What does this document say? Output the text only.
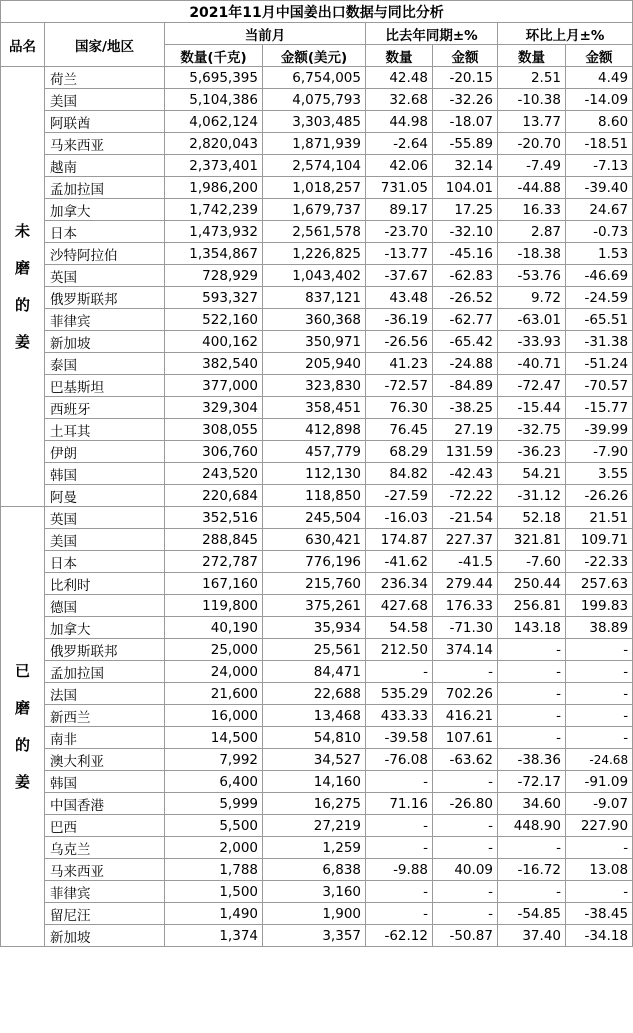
2021年11月中国姜出口数据与同比分析							
品名	国家/地区	当前月		比去年同期±%		环比上月±%	
		数量(千克)	金额(美元)	数量	金额	数量	金额

未
磨
的
姜	荷兰	5,695,395	6,754,005	42.48	-20.15	2.51	4.49
	美国	5,104,386	4,075,793	32.68	-32.26	-10.38	-14.09
	阿联酋	4,062,124	3,303,485	44.98	-18.07	13.77	8.60
	马来西亚	2,820,043	1,871,939	-2.64	-55.89	-20.70	-18.51
	越南	2,373,401	2,574,104	42.06	32.14	-7.49	-7.13
	孟加拉国	1,986,200	1,018,257	731.05	104.01	-44.88	-39.40
	加拿大	1,742,239	1,679,737	89.17	17.25	16.33	24.67
	日本	1,473,932	2,561,578	-23.70	-32.10	2.87	-0.73
	沙特阿拉伯	1,354,867	1,226,825	-13.77	-45.16	-18.38	1.53
	英国	728,929	1,043,402	-37.67	-62.83	-53.76	-46.69
	俄罗斯联邦	593,327	837,121	43.48	-26.52	9.72	-24.59
	菲律宾	522,160	360,368	-36.19	-62.77	-63.01	-65.51
	新加坡	400,162	350,971	-26.56	-65.42	-33.93	-31.38
	泰国	382,540	205,940	41.23	-24.88	-40.71	-51.24
	巴基斯坦	377,000	323,830	-72.57	-84.89	-72.47	-70.57
	西班牙	329,304	358,451	76.30	-38.25	-15.44	-15.77
	土耳其	308,055	412,898	76.45	27.19	-32.75	-39.99
	伊朗	306,760	457,779	68.29	131.59	-36.23	-7.90
	韩国	243,520	112,130	84.82	-42.43	54.21	3.55
	阿曼	220,684	118,850	-27.59	-72.22	-31.12	-26.26

已
磨
的
姜	英国	352,516	245,504	-16.03	-21.54	52.18	21.51
	美国	288,845	630,421	174.87	227.37	321.81	109.71
	日本	272,787	776,196	-41.62	-41.5	-7.60	-22.33
	比利时	167,160	215,760	236.34	279.44	250.44	257.63
	德国	119,800	375,261	427.68	176.33	256.81	199.83
	加拿大	40,190	35,934	54.58	-71.30	143.18	38.89
	俄罗斯联邦	25,000	25,561	212.50	374.14	-	-
	孟加拉国	24,000	84,471	-	-	-	-
	法国	21,600	22,688	535.29	702.26	-	-
	新西兰	16,000	13,468	433.33	416.21	-	-
	南非	14,500	54,810	-39.58	107.61	-	-
	澳大利亚	7,992	34,527	-76.08	-63.62	-38.36	-24.68
	韩国	6,400	14,160	-	-	-72.17	-91.09
	中国香港	5,999	16,275	71.16	-26.80	34.60	-9.07
	巴西	5,500	27,219	-	-	448.90	227.90
	乌克兰	2,000	1,259	-	-	-	-
	马来西亚	1,788	6,838	-9.88	40.09	-16.72	13.08
	菲律宾	1,500	3,160	-	-	-	-
	留尼汪	1,490	1,900	-	-	-54.85	-38.45
	新加坡	1,374	3,357	-62.12	-50.87	37.40	-34.18
